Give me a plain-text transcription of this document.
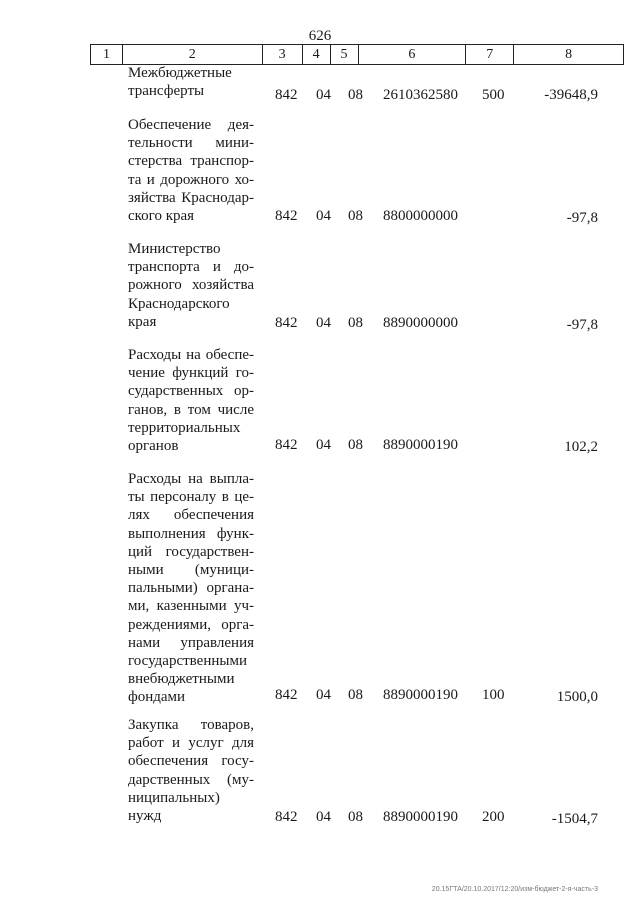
626
1	2	3	4	5	6	7	8
Межбюджетные трансферты	842 04 08 2610362580 500	-39648,9
Обеспечение дея- тельности мини- стерства транспор- та и дорожного хо- зяйства Краснодар- ского края	842 04 08 8800000000	-97,8
Министерство транспорта и до- рожного хозяйства Краснодарского края	842 04 08 8890000000	-97,8
Расходы на обеспе- чение функций го- сударственных ор- ганов, в том числе территориальных органов	842 04 08 8890000190	102,2
Расходы на выпла- ты персоналу в це- лях обеспечения выполнения функ- ций государствен- ными (муници- пальными) органа- ми, казенными уч- реждениями, орга- нами управления государственными внебюджетными фондами	842 04 08 8890000190 100	1500,0
Закупка товаров, работ и услуг для обеспечения госу- дарственных (му- ниципальных) нужд	842 04 08 8890000190 200	-1504,7
20.15ГТА/20.10.2017/12:20/изм-бюджет-2-я-часть-3
